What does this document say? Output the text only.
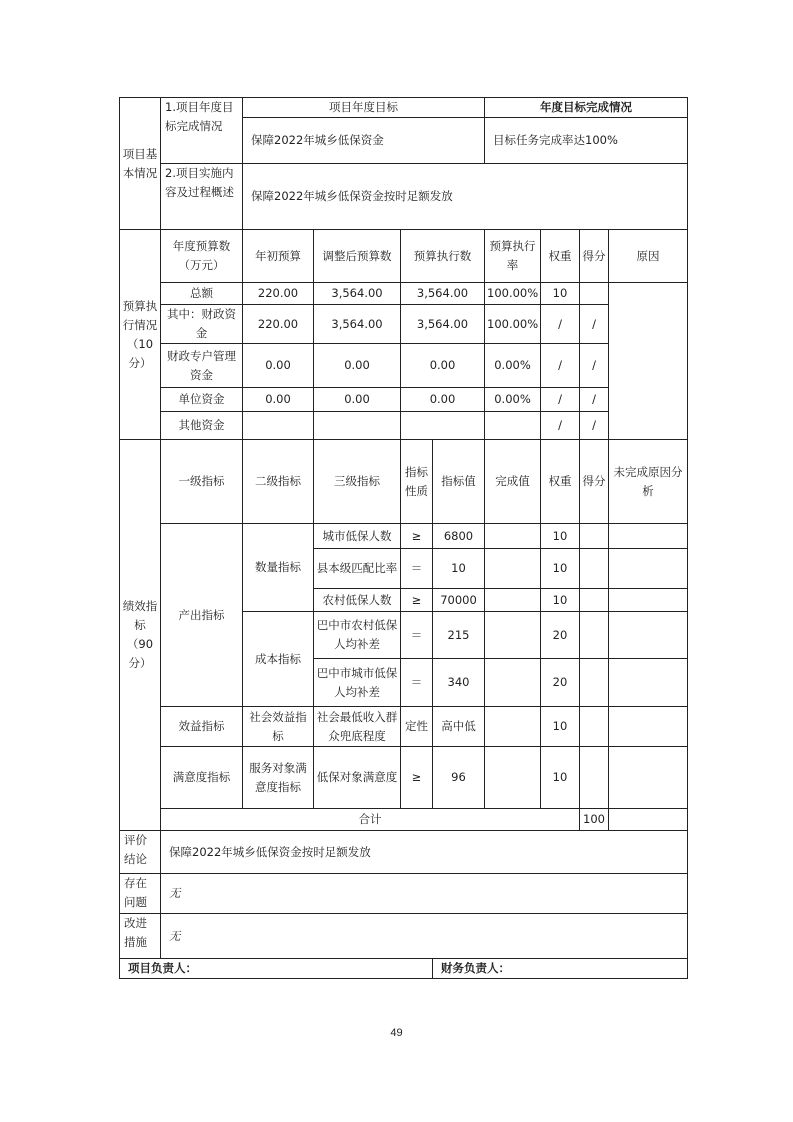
项目基本情况	1.项目年度目标完成情况	项目年度目标				年度目标完成情况				
		保障2022年城乡低保资金				目标任务完成率达100%				
	2.项目实施内容及过程概述	保障2022年城乡低保资金按时足额发放								
预算执行情况（10分）	年度预算数（万元）	年初预算	调整后预算数	预算执行数		预算执行率	权重	得分	原因	
	总额	220.00	3,564.00	3,564.00		100.00%	10			
	其中：财政资金	220.00	3,564.00	3,564.00		100.00%	/	/		
	财政专户管理资金	0.00	0.00	0.00		0.00%	/	/		
	单位资金	0.00	0.00	0.00		0.00%	/	/		
	其他资金						/	/		
绩效指标（90分）	一级指标	二级指标	三级指标	指标性质	指标值	完成值	权重	得分	未完成原因分析	
	产出指标	数量指标	城市低保人数	≥	6800		10			
			县本级匹配比率	＝	10		10			
			农村低保人数	≥	70000		10			
		成本指标	巴中市农村低保人均补差	＝	215		20			
			巴中市城市低保人均补差	＝	340		20			
	效益指标	社会效益指标	社会最低收入群众兜底程度	定性	高中低		10			
	满意度指标	服务对象满意度指标	低保对象满意度	≥	96		10			
	合计							100		
评价结论	保障2022年城乡低保资金按时足额发放									
存在问题	无									
改进措施	无									
项目负责人：					财务负责人：					
49
